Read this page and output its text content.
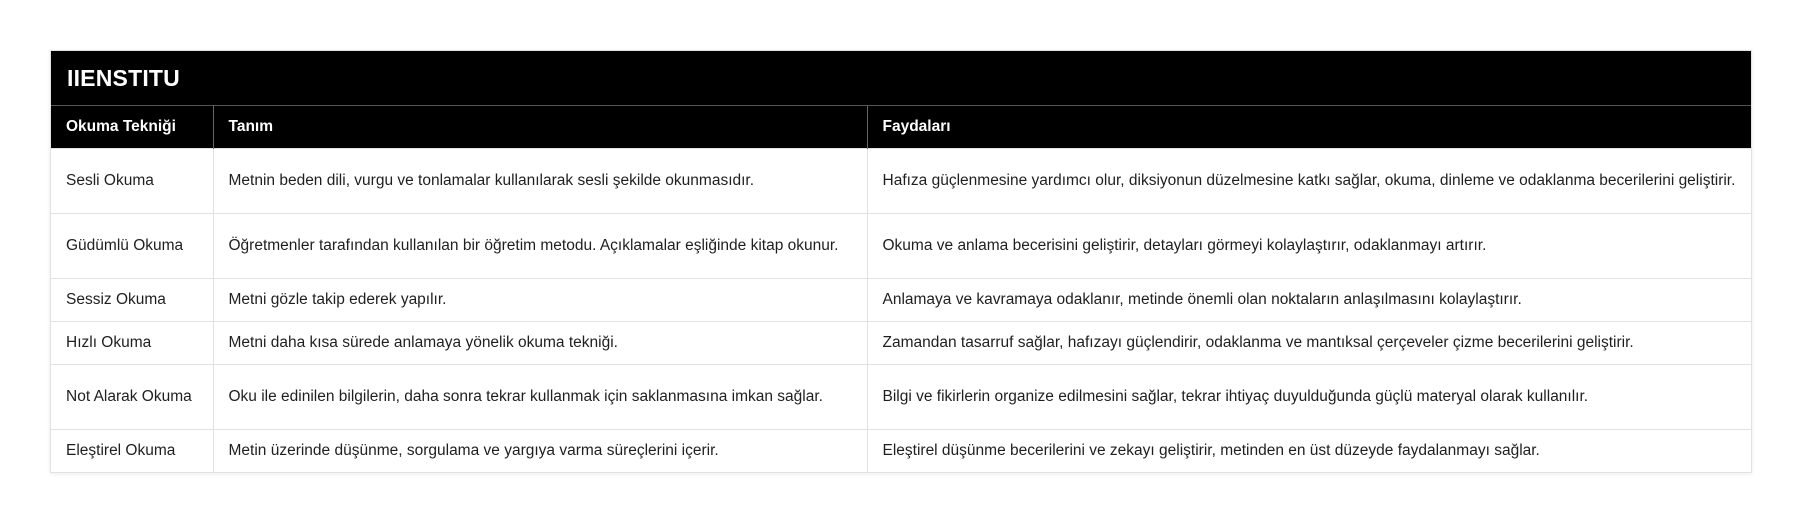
IIENSTITU
Okuma Tekniği	Tanım	Faydaları
Sesli Okuma	Metnin beden dili, vurgu ve tonlamalar kullanılarak sesli şekilde okunmasıdır.	Hafıza güçlenmesine yardımcı olur, diksiyonun düzelmesine katkı sağlar, okuma, dinleme ve odaklanma becerilerini geliştirir.
Güdümlü Okuma	Öğretmenler tarafından kullanılan bir öğretim metodu. Açıklamalar eşliğinde kitap okunur.	Okuma ve anlama becerisini geliştirir, detayları görmeyi kolaylaştırır, odaklanmayı artırır.
Sessiz Okuma	Metni gözle takip ederek yapılır.	Anlamaya ve kavramaya odaklanır, metinde önemli olan noktaların anlaşılmasını kolaylaştırır.
Hızlı Okuma	Metni daha kısa sürede anlamaya yönelik okuma tekniği.	Zamandan tasarruf sağlar, hafızayı güçlendirir, odaklanma ve mantıksal çerçeveler çizme becerilerini geliştirir.
Not Alarak Okuma	Oku ile edinilen bilgilerin, daha sonra tekrar kullanmak için saklanmasına imkan sağlar.	Bilgi ve fikirlerin organize edilmesini sağlar, tekrar ihtiyaç duyulduğunda güçlü materyal olarak kullanılır.
Eleştirel Okuma	Metin üzerinde düşünme, sorgulama ve yargıya varma süreçlerini içerir.	Eleştirel düşünme becerilerini ve zekayı geliştirir, metinden en üst düzeyde faydalanmayı sağlar.
